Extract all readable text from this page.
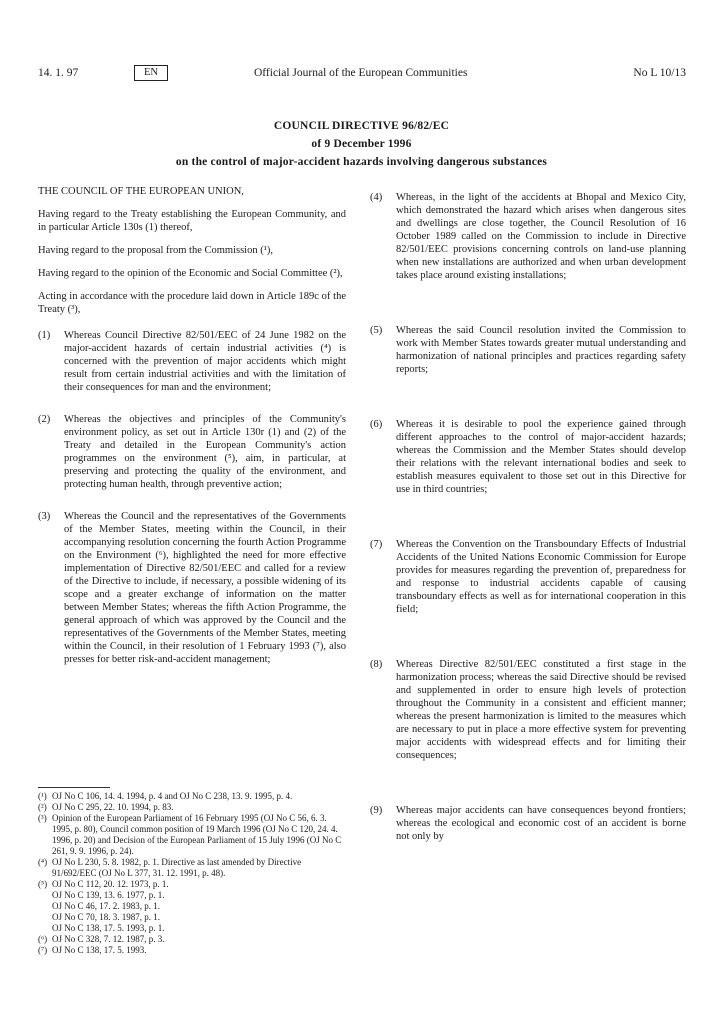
14. 1. 97	EN	Official Journal of the European Communities	No L 10/13
COUNCIL DIRECTIVE 96/82/EC
of 9 December 1996
on the control of major-accident hazards involving dangerous substances

THE COUNCIL OF THE EUROPEAN UNION,

Having regard to the Treaty establishing the European Community, and in particular Article 130s (1) thereof,

Having regard to the proposal from the Commission (¹),

Having regard to the opinion of the Economic and Social Committee (²),

Acting in accordance with the procedure laid down in Article 189c of the Treaty (³),

(1)	Whereas Council Directive 82/501/EEC of 24 June 1982 on the major-accident hazards of certain industrial activities (⁴) is concerned with the prevention of major accidents which might result from certain industrial activities and with the limitation of their consequences for man and the environment;
(2)	Whereas the objectives and principles of the Community's environment policy, as set out in Article 130r (1) and (2) of the Treaty and detailed in the European Community's action programmes on the environment (⁵), aim, in particular, at preserving and protecting the quality of the environment, and protecting human health, through preventive action;
(3)	Whereas the Council and the representatives of the Governments of the Member States, meeting within the Council, in their accompanying resolution concerning the fourth Action Programme on the Environment (⁶), highlighted the need for more effective implementation of Directive 82/501/EEC and called for a review of the Directive to include, if necessary, a possible widening of its scope and a greater exchange of information on the matter between Member States; whereas the fifth Action Programme, the general approach of which was approved by the Council and the representatives of the Governments of the Member States, meeting within the Council, in their resolution of 1 February 1993 (⁷), also presses for better risk-and-accident management;
(4)	Whereas, in the light of the accidents at Bhopal and Mexico City, which demonstrated the hazard which arises when dangerous sites and dwellings are close together, the Council Resolution of 16 October 1989 called on the Commission to include in Directive 82/501/EEC provisions concerning controls on land-use planning when new installations are authorized and when urban development takes place around existing installations;
(5)	Whereas the said Council resolution invited the Commission to work with Member States towards greater mutual understanding and harmonization of national principles and practices regarding safety reports;
(6)	Whereas it is desirable to pool the experience gained through different approaches to the control of major-accident hazards; whereas the Commission and the Member States should develop their relations with the relevant international bodies and seek to establish measures equivalent to those set out in this Directive for use in third countries;
(7)	Whereas the Convention on the Transboundary Effects of Industrial Accidents of the United Nations Economic Commission for Europe provides for measures regarding the prevention of, preparedness for and response to industrial accidents capable of causing transboundary effects as well as for international cooperation in this field;
(8)	Whereas Directive 82/501/EEC constituted a first stage in the harmonization process; whereas the said Directive should be revised and supplemented in order to ensure high levels of protection throughout the Community in a consistent and efficient manner; whereas the present harmonization is limited to the measures which are necessary to put in place a more effective system for preventing major accidents with widespread effects and for limiting their consequences;
(9)	Whereas major accidents can have consequences beyond frontiers; whereas the ecological and economic cost of an accident is borne not only by
(¹) OJ No C 106, 14. 4. 1994, p. 4 and OJ No C 238, 13. 9. 1995, p. 4.
(²) OJ No C 295, 22. 10. 1994, p. 83.
(³) Opinion of the European Parliament of 16 February 1995 (OJ No C 56, 6. 3. 1995, p. 80), Council common position of 19 March 1996 (OJ No C 120, 24. 4. 1996, p. 20) and Decision of the European Parliament of 15 July 1996 (OJ No C 261, 9. 9. 1996, p. 24).
(⁴) OJ No L 230, 5. 8. 1982, p. 1. Directive as last amended by Directive 91/692/EEC (OJ No L 377, 31. 12. 1991, p. 48).
(⁵) OJ No C 112, 20. 12. 1973, p. 1.
OJ No C 139, 13. 6. 1977, p. 1.
OJ No C 46, 17. 2. 1983, p. 1.
OJ No C 70, 18. 3. 1987, p. 1.
OJ No C 138, 17. 5. 1993, p. 1.
(⁶) OJ No C 328, 7. 12. 1987, p. 3.
(⁷) OJ No C 138, 17. 5. 1993.
